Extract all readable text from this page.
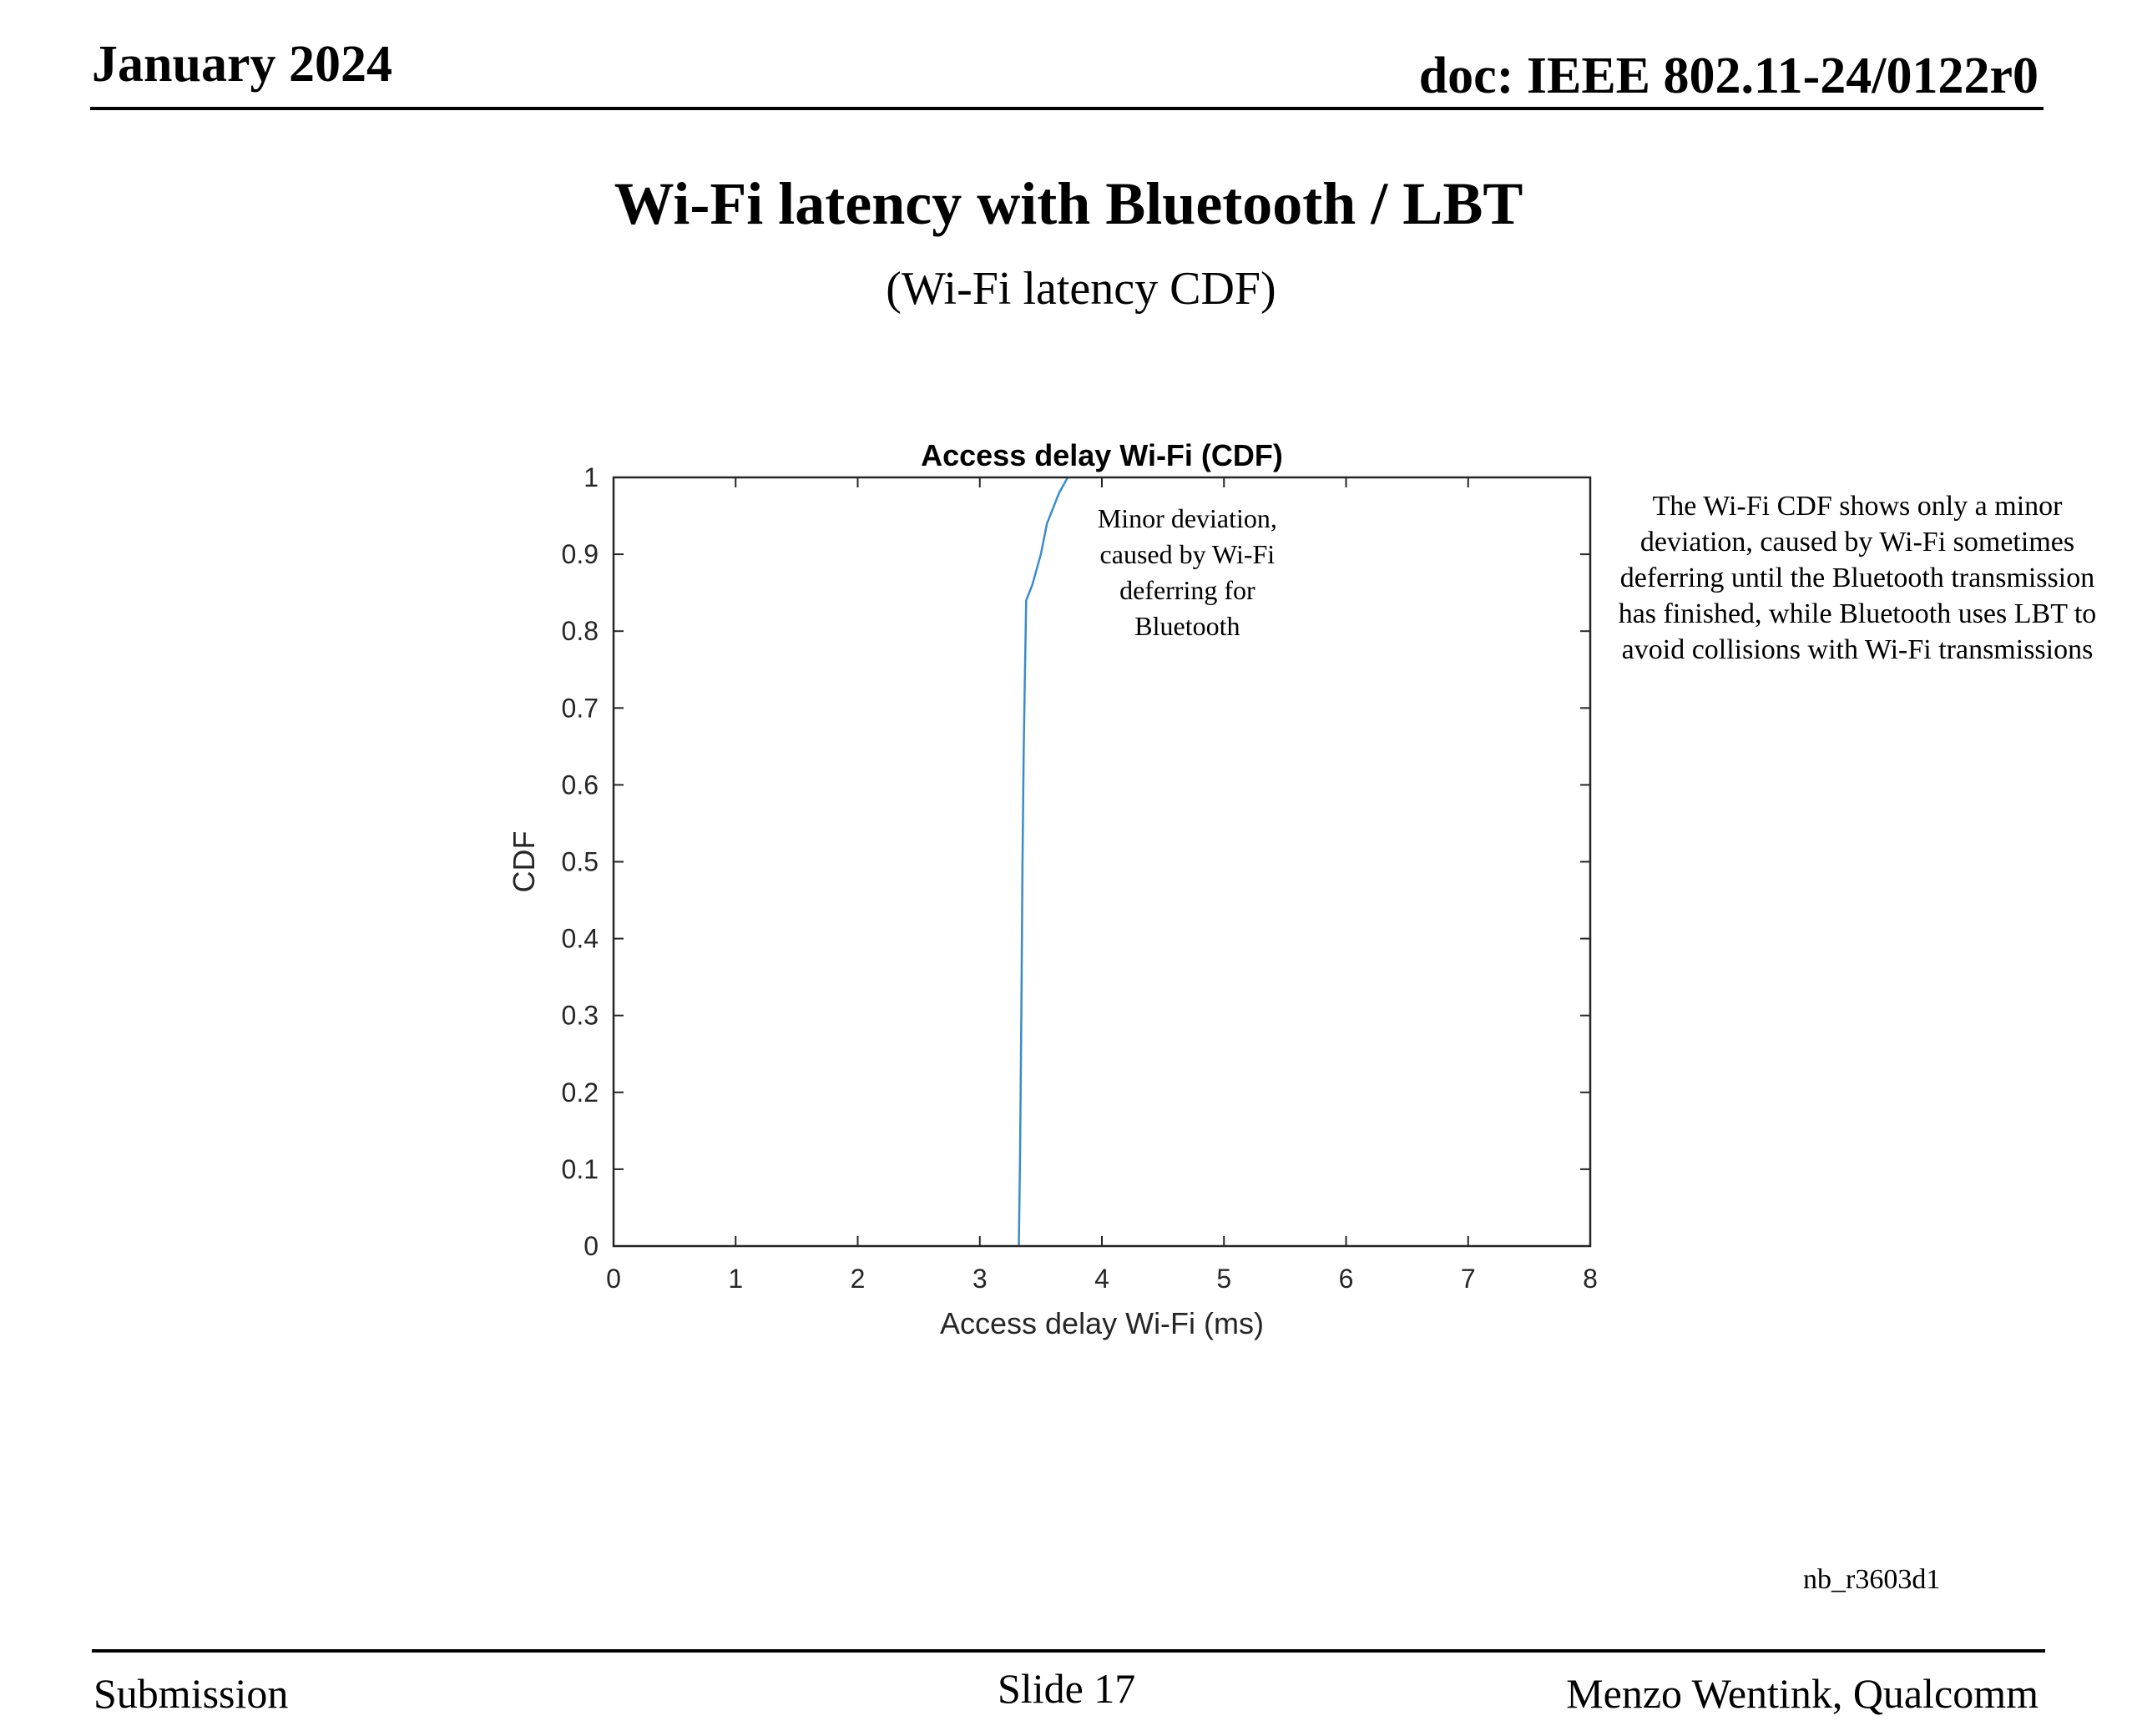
January 2024	doc: IEEE 802.11-24/0122r0
Wi-Fi latency with Bluetooth / LBT
(Wi-Fi latency CDF)
0	1	2	3	4	5	6	7	8
0
0.1
0.2
0.3
0.4
0.5
0.6
0.7
0.8
0.9
1
Access delay Wi-Fi (CDF)
Access delay Wi-Fi (ms)
CDF
Minor deviation, caused by Wi-Fi deferring for Bluetooth
The Wi-Fi CDF shows only a minor deviation, caused by Wi-Fi sometimes deferring until the Bluetooth transmission has finished, while Bluetooth uses LBT to avoid collisions with Wi-Fi transmissions
nb_r3603d1
Submission	Slide 17	Menzo Wentink, Qualcomm
